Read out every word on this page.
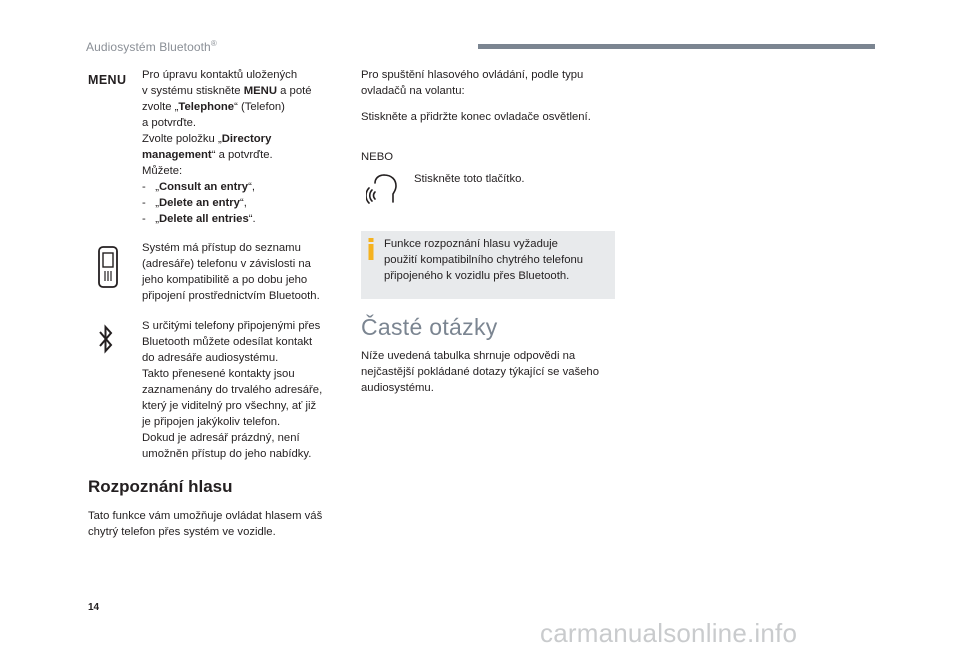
Audiosystém Bluetooth®
MENU Pro úpravu kontaktů uložených
v systému stiskněte MENU a poté
zvolte „Telephone“ (Telefon)
a potvrďte.
Zvolte položku „Directory
management“ a potvrďte.
Můžete:
- „Consult an entry“,
- „Delete an entry“,
- „Delete all entries“.
Systém má přístup do seznamu
(adresáře) telefonu v závislosti na
jeho kompatibilitě a po dobu jeho
připojení prostřednictvím Bluetooth.
S určitými telefony připojenými přes
Bluetooth můžete odesílat kontakt
do adresáře audiosystému.
Takto přenesené kontakty jsou
zaznamenány do trvalého adresáře,
který je viditelný pro všechny, ať již
je připojen jakýkoliv telefon.
Dokud je adresář prázdný, není
umožněn přístup do jeho nabídky.
Rozpoznání hlasu
Tato funkce vám umožňuje ovládat hlasem váš
chytrý telefon přes systém ve vozidle.
Pro spuštění hlasového ovládání, podle typu
ovladačů na volantu:
Stiskněte a přidržte konec ovladače osvětlení.
NEBO
Stiskněte toto tlačítko.
Funkce rozpoznání hlasu vyžaduje
použití kompatibilního chytrého telefonu
připojeného k vozidlu přes Bluetooth.
Časté otázky
Níže uvedená tabulka shrnuje odpovědi na
nejčastější pokládané dotazy týkající se vašeho
audiosystému.
14
carmanualsonline.info
